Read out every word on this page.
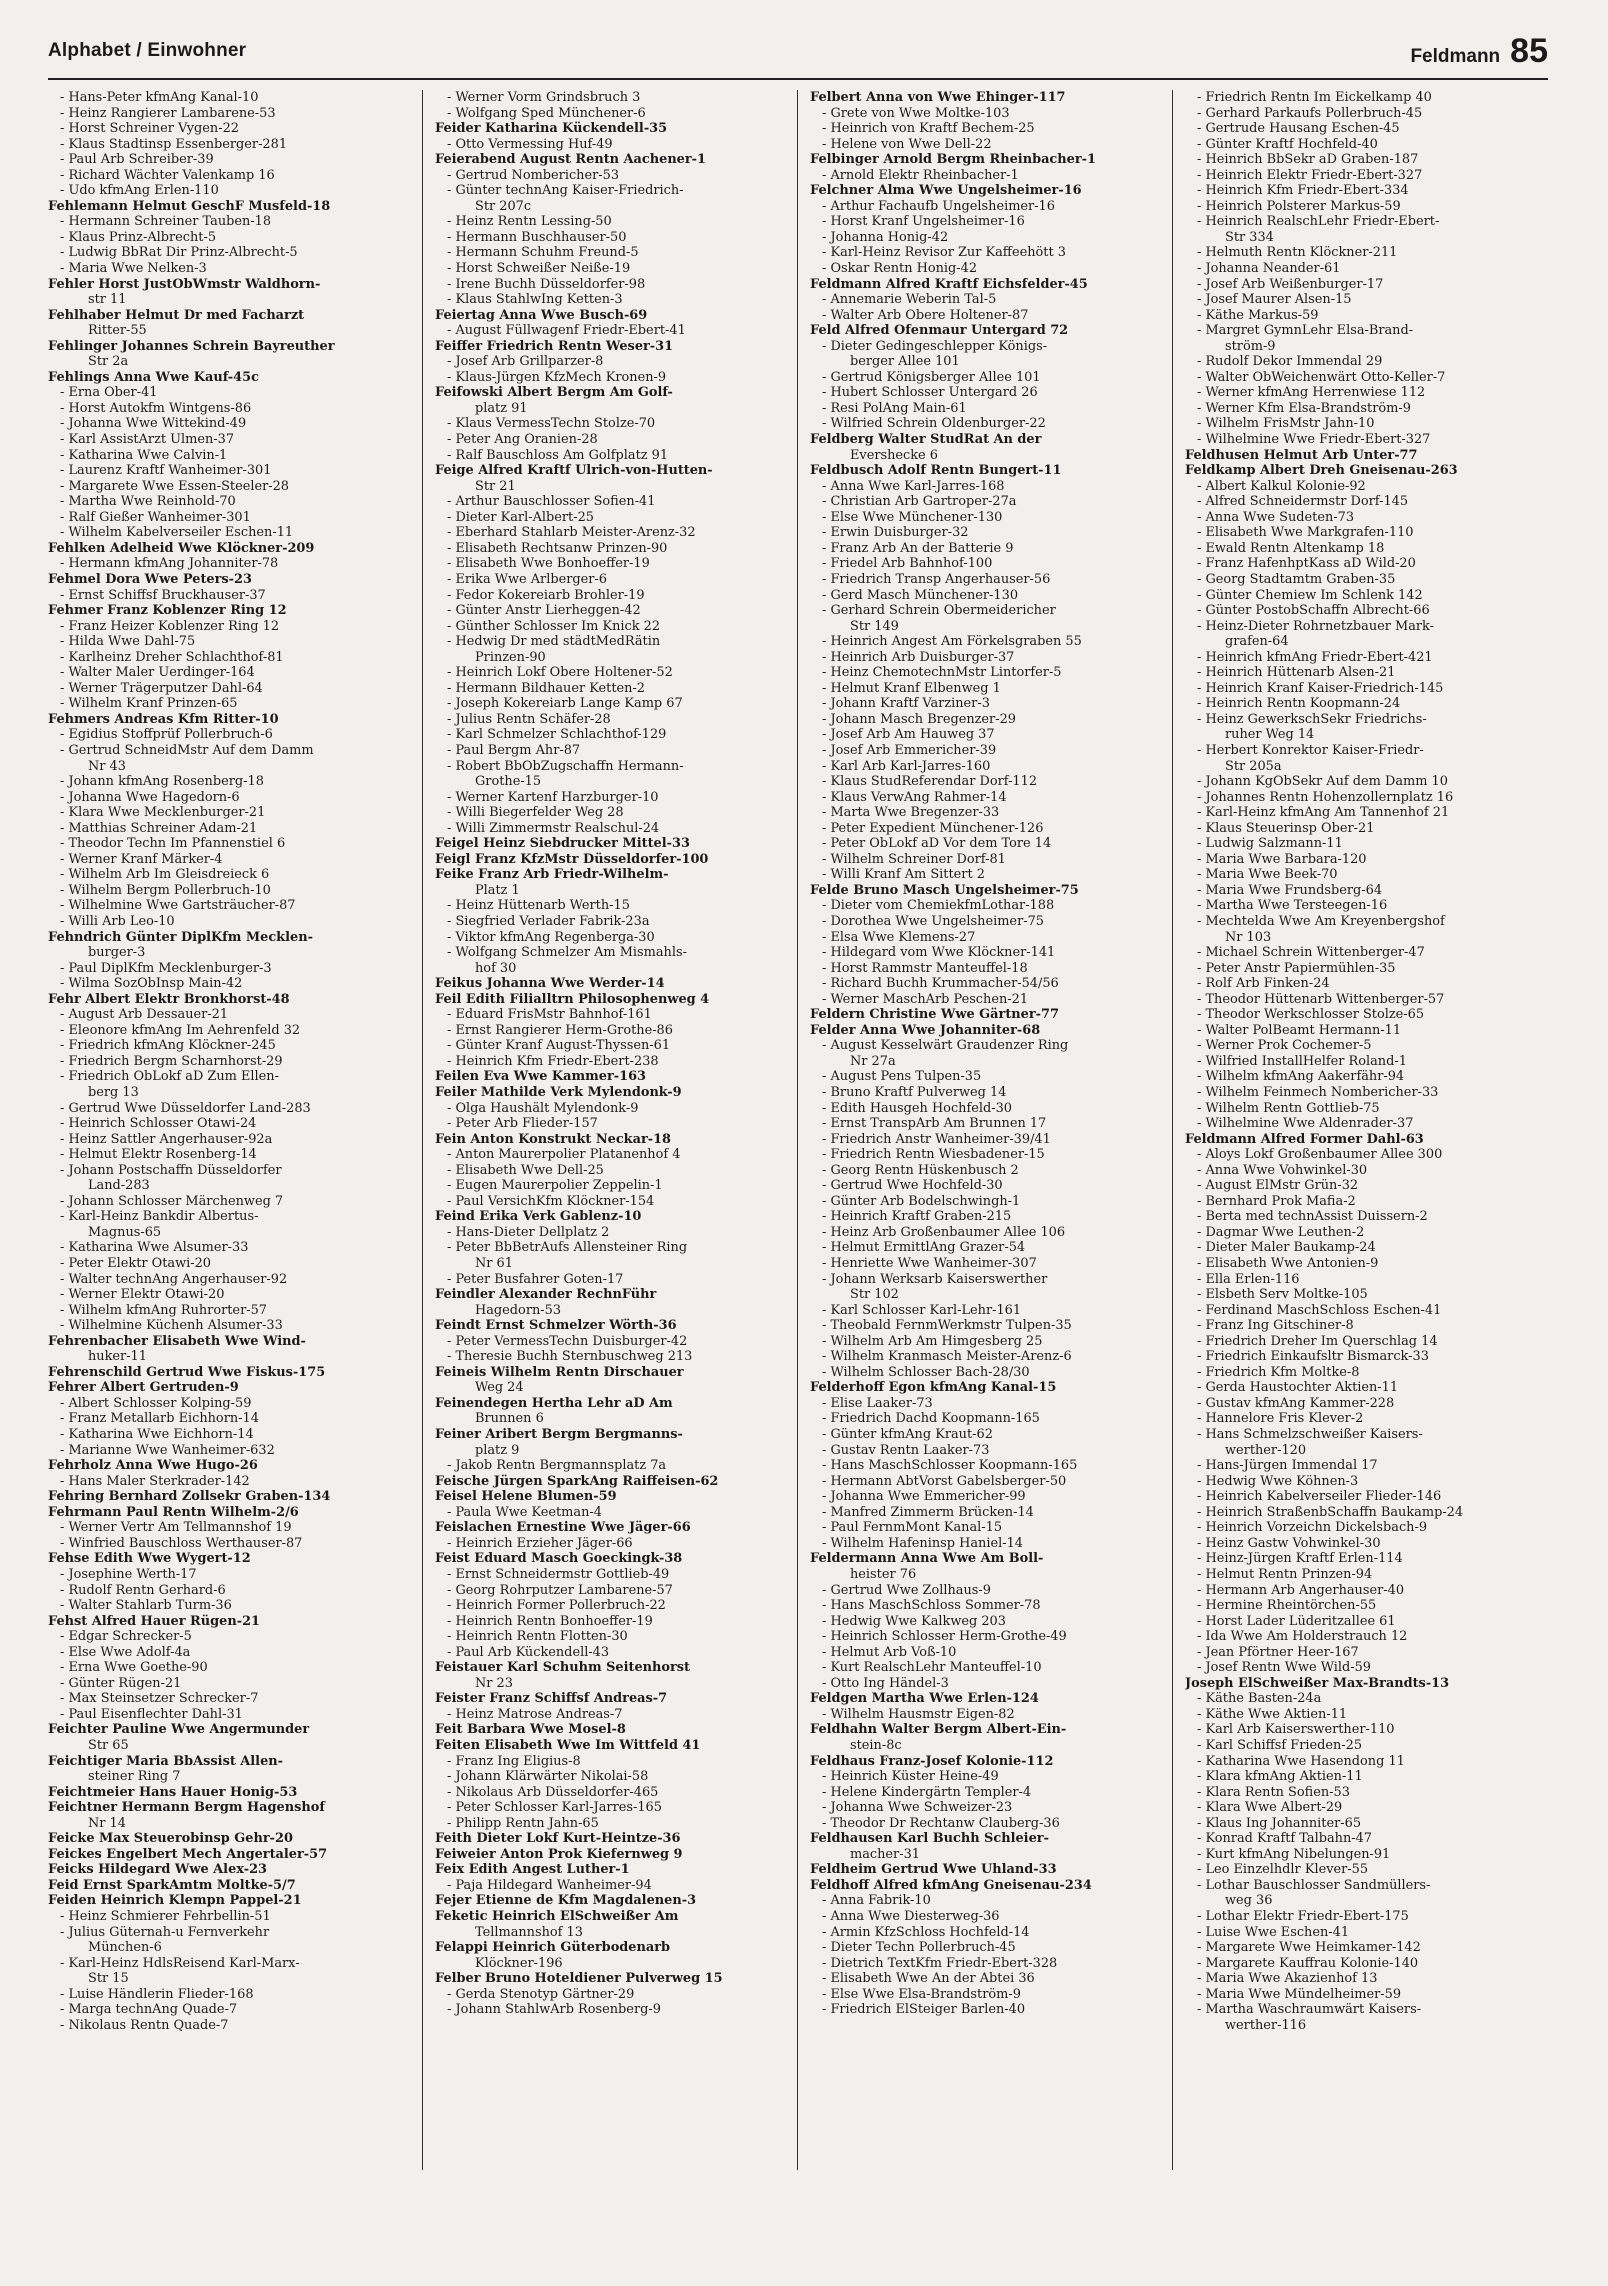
Alphabet / Einwohner	Feldmann 85
- Hans-Peter kfmAng Kanal-10
- Heinz Rangierer Lambarene-53
- Horst Schreiner Vygen-22
- Klaus Stadtinsp Essenberger-281
- Paul Arb Schreiber-39
- Richard Wächter Valenkamp 16
- Udo kfmAng Erlen-110
Fehlemann Helmut GeschF Musfeld-18
- Hermann Schreiner Tauben-18
- Klaus Prinz-Albrecht-5
- Ludwig BbRat Dir Prinz-Albrecht-5
- Maria Wwe Nelken-3
Fehler Horst JustObWmstr Waldhorn-
str 11
Fehlhaber Helmut Dr med Facharzt
Ritter-55
Fehlinger Johannes Schrein Bayreuther
Str 2a
Fehlings Anna Wwe Kauf-45c
- Erna Ober-41
- Horst Autokfm Wintgens-86
- Johanna Wwe Wittekind-49
- Karl AssistArzt Ulmen-37
- Katharina Wwe Calvin-1
- Laurenz Kraftf Wanheimer-301
- Margarete Wwe Essen-Steeler-28
- Martha Wwe Reinhold-70
- Ralf Gießer Wanheimer-301
- Wilhelm Kabelverseiler Eschen-11
Fehlken Adelheid Wwe Klöckner-209
- Hermann kfmAng Johanniter-78
Fehmel Dora Wwe Peters-23
- Ernst Schiffsf Bruckhauser-37
Fehmer Franz Koblenzer Ring 12
- Franz Heizer Koblenzer Ring 12
- Hilda Wwe Dahl-75
- Karlheinz Dreher Schlachthof-81
- Walter Maler Uerdinger-164
- Werner Trägerputzer Dahl-64
- Wilhelm Kranf Prinzen-65
Fehmers Andreas Kfm Ritter-10
- Egidius Stoffprüf Pollerbruch-6
- Gertrud SchneidMstr Auf dem Damm
Nr 43
- Johann kfmAng Rosenberg-18
- Johanna Wwe Hagedorn-6
- Klara Wwe Mecklenburger-21
- Matthias Schreiner Adam-21
- Theodor Techn Im Pfannenstiel 6
- Werner Kranf Märker-4
- Wilhelm Arb Im Gleisdreieck 6
- Wilhelm Bergm Pollerbruch-10
- Wilhelmine Wwe Gartsträucher-87
- Willi Arb Leo-10
Fehndrich Günter DiplKfm Mecklen-
burger-3
- Paul DiplKfm Mecklenburger-3
- Wilma SozObInsp Main-42
Fehr Albert Elektr Bronkhorst-48
- August Arb Dessauer-21
- Eleonore kfmAng Im Aehrenfeld 32
- Friedrich kfmAng Klöckner-245
- Friedrich Bergm Scharnhorst-29
- Friedrich ObLokf aD Zum Ellen-
berg 13
- Gertrud Wwe Düsseldorfer Land-283
- Heinrich Schlosser Otawi-24
- Heinz Sattler Angerhauser-92a
- Helmut Elektr Rosenberg-14
- Johann Postschaffn Düsseldorfer
Land-283
- Johann Schlosser Märchenweg 7
- Karl-Heinz Bankdir Albertus-
Magnus-65
- Katharina Wwe Alsumer-33
- Peter Elektr Otawi-20
- Walter technAng Angerhauser-92
- Werner Elektr Otawi-20
- Wilhelm kfmAng Ruhrorter-57
- Wilhelmine Küchenh Alsumer-33
Fehrenbacher Elisabeth Wwe Wind-
huker-11
Fehrenschild Gertrud Wwe Fiskus-175
Fehrer Albert Gertruden-9
- Albert Schlosser Kolping-59
- Franz Metallarb Eichhorn-14
- Katharina Wwe Eichhorn-14
- Marianne Wwe Wanheimer-632
Fehrholz Anna Wwe Hugo-26
- Hans Maler Sterkrader-142
Fehring Bernhard Zollsekr Graben-134
Fehrmann Paul Rentn Wilhelm-2/6
- Werner Vertr Am Tellmannshof 19
- Winfried Bauschloss Werthauser-87
Fehse Edith Wwe Wygert-12
- Josephine Werth-17
- Rudolf Rentn Gerhard-6
- Walter Stahlarb Turm-36
Fehst Alfred Hauer Rügen-21
- Edgar Schrecker-5
- Else Wwe Adolf-4a
- Erna Wwe Goethe-90
- Günter Rügen-21
- Max Steinsetzer Schrecker-7
- Paul Eisenflechter Dahl-31
Feichter Pauline Wwe Angermunder
Str 65
Feichtiger Maria BbAssist Allen-
steiner Ring 7
Feichtmeier Hans Hauer Honig-53
Feichtner Hermann Bergm Hagenshof
Nr 14
Feicke Max Steuerobinsp Gehr-20
Feickes Engelbert Mech Angertaler-57
Feicks Hildegard Wwe Alex-23
Feid Ernst SparkAmtm Moltke-5/7
Feiden Heinrich Klempn Pappel-21
- Heinz Schmierer Fehrbellin-51
- Julius Güternah-u Fernverkehr
München-6
- Karl-Heinz HdlsReisend Karl-Marx-
Str 15
- Luise Händlerin Flieder-168
- Marga technAng Quade-7
- Nikolaus Rentn Quade-7
- Werner Vorm Grindsbruch 3
- Wolfgang Sped Münchener-6
Feider Katharina Kückendell-35
- Otto Vermessing Huf-49
Feierabend August Rentn Aachener-1
- Gertrud Nombericher-53
- Günter technAng Kaiser-Friedrich-
Str 207c
- Heinz Rentn Lessing-50
- Hermann Buschhauser-50
- Hermann Schuhm Freund-5
- Horst Schweißer Neiße-19
- Irene Buchh Düsseldorfer-98
- Klaus StahlwIng Ketten-3
Feiertag Anna Wwe Busch-69
- August Füllwagenf Friedr-Ebert-41
Feiffer Friedrich Rentn Weser-31
- Josef Arb Grillparzer-8
- Klaus-Jürgen KfzMech Kronen-9
Feifowski Albert Bergm Am Golf-
platz 91
- Klaus VermessTechn Stolze-70
- Peter Ang Oranien-28
- Ralf Bauschloss Am Golfplatz 91
Feige Alfred Kraftf Ulrich-von-Hutten-
Str 21
- Arthur Bauschlosser Sofien-41
- Dieter Karl-Albert-25
- Eberhard Stahlarb Meister-Arenz-32
- Elisabeth Rechtsanw Prinzen-90
- Elisabeth Wwe Bonhoeffer-19
- Erika Wwe Arlberger-6
- Fedor Kokereiarb Brohler-19
- Günter Anstr Lierheggen-42
- Günther Schlosser Im Knick 22
- Hedwig Dr med städtMedRätin
Prinzen-90
- Heinrich Lokf Obere Holtener-52
- Hermann Bildhauer Ketten-2
- Joseph Kokereiarb Lange Kamp 67
- Julius Rentn Schäfer-28
- Karl Schmelzer Schlachthof-129
- Paul Bergm Ahr-87
- Robert BbObZugschaffn Hermann-
Grothe-15
- Werner Kartenf Harzburger-10
- Willi Biegerfelder Weg 28
- Willi Zimmermstr Realschul-24
Feigel Heinz Siebdrucker Mittel-33
Feigl Franz KfzMstr Düsseldorfer-100
Feike Franz Arb Friedr-Wilhelm-
Platz 1
- Heinz Hüttenarb Werth-15
- Siegfried Verlader Fabrik-23a
- Viktor kfmAng Regenberga-30
- Wolfgang Schmelzer Am Mismahls-
hof 30
Feikus Johanna Wwe Werder-14
Feil Edith Filialltrn Philosophenweg 4
- Eduard FrisMstr Bahnhof-161
- Ernst Rangierer Herm-Grothe-86
- Günter Kranf August-Thyssen-61
- Heinrich Kfm Friedr-Ebert-238
Feilen Eva Wwe Kammer-163
Feiler Mathilde Verk Mylendonk-9
- Olga Haushält Mylendonk-9
- Peter Arb Flieder-157
Fein Anton Konstrukt Neckar-18
- Anton Maurerpolier Platanenhof 4
- Elisabeth Wwe Dell-25
- Eugen Maurerpolier Zeppelin-1
- Paul VersichKfm Klöckner-154
Feind Erika Verk Gablenz-10
- Hans-Dieter Dellplatz 2
- Peter BbBetrAufs Allensteiner Ring
Nr 61
- Peter Busfahrer Goten-17
Feindler Alexander RechnFühr
Hagedorn-53
Feindt Ernst Schmelzer Wörth-36
- Peter VermessTechn Duisburger-42
- Theresie Buchh Sternbuschweg 213
Feineis Wilhelm Rentn Dirschauer
Weg 24
Feinendegen Hertha Lehr aD Am
Brunnen 6
Feiner Aribert Bergm Bergmanns-
platz 9
- Jakob Rentn Bergmannsplatz 7a
Feische Jürgen SparkAng Raiffeisen-62
Feisel Helene Blumen-59
- Paula Wwe Keetman-4
Feislachen Ernestine Wwe Jäger-66
- Heinrich Erzieher Jäger-66
Feist Eduard Masch Goeckingk-38
- Ernst Schneidermstr Gottlieb-49
- Georg Rohrputzer Lambarene-57
- Heinrich Former Pollerbruch-22
- Heinrich Rentn Bonhoeffer-19
- Heinrich Rentn Flotten-30
- Paul Arb Kückendell-43
Feistauer Karl Schuhm Seitenhorst
Nr 23
Feister Franz Schiffsf Andreas-7
- Heinz Matrose Andreas-7
Feit Barbara Wwe Mosel-8
Feiten Elisabeth Wwe Im Wittfeld 41
- Franz Ing Eligius-8
- Johann Klärwärter Nikolai-58
- Nikolaus Arb Düsseldorfer-465
- Peter Schlosser Karl-Jarres-165
- Philipp Rentn Jahn-65
Feith Dieter Lokf Kurt-Heintze-36
Feiweier Anton Prok Kiefernweg 9
Feix Edith Angest Luther-1
- Paja Hildegard Wanheimer-94
Fejer Etienne de Kfm Magdalenen-3
Feketic Heinrich ElSchweißer Am
Tellmannshof 13
Felappi Heinrich Güterbodenarb
Klöckner-196
Felber Bruno Hoteldiener Pulverweg 15
- Gerda Stenotyp Gärtner-29
- Johann StahlwArb Rosenberg-9
Felbert Anna von Wwe Ehinger-117
- Grete von Wwe Moltke-103
- Heinrich von Kraftf Bechem-25
- Helene von Wwe Dell-22
Felbinger Arnold Bergm Rheinbacher-1
- Arnold Elektr Rheinbacher-1
Felchner Alma Wwe Ungelsheimer-16
- Arthur Fachaufb Ungelsheimer-16
- Horst Kranf Ungelsheimer-16
- Johanna Honig-42
- Karl-Heinz Revisor Zur Kaffeehött 3
- Oskar Rentn Honig-42
Feldmann Alfred Kraftf Eichsfelder-45
- Annemarie Weberin Tal-5
- Walter Arb Obere Holtener-87
Feld Alfred Ofenmaur Untergard 72
- Dieter Gedingeschlepper Königs-
berger Allee 101
- Gertrud Königsberger Allee 101
- Hubert Schlosser Untergard 26
- Resi PolAng Main-61
- Wilfried Schrein Oldenburger-22
Feldberg Walter StudRat An der
Evershecke 6
Feldbusch Adolf Rentn Bungert-11
- Anna Wwe Karl-Jarres-168
- Christian Arb Gartroper-27a
- Else Wwe Münchener-130
- Erwin Duisburger-32
- Franz Arb An der Batterie 9
- Friedel Arb Bahnhof-100
- Friedrich Transp Angerhauser-56
- Gerd Masch Münchener-130
- Gerhard Schrein Obermeidericher
Str 149
- Heinrich Angest Am Förkelsgraben 55
- Heinrich Arb Duisburger-37
- Heinz ChemotechnMstr Lintorfer-5
- Helmut Kranf Elbenweg 1
- Johann Kraftf Varziner-3
- Johann Masch Bregenzer-29
- Josef Arb Am Hauweg 37
- Josef Arb Emmericher-39
- Karl Arb Karl-Jarres-160
- Klaus StudReferendar Dorf-112
- Klaus VerwAng Rahmer-14
- Marta Wwe Bregenzer-33
- Peter Expedient Münchener-126
- Peter ObLokf aD Vor dem Tore 14
- Wilhelm Schreiner Dorf-81
- Willi Kranf Am Sittert 2
Felde Bruno Masch Ungelsheimer-75
- Dieter vom ChemiekfmLothar-188
- Dorothea Wwe Ungelsheimer-75
- Elsa Wwe Klemens-27
- Hildegard vom Wwe Klöckner-141
- Horst Rammstr Manteuffel-18
- Richard Buchh Krummacher-54/56
- Werner MaschArb Peschen-21
Feldern Christine Wwe Gärtner-77
Felder Anna Wwe Johanniter-68
- August Kesselwärt Graudenzer Ring
Nr 27a
- August Pens Tulpen-35
- Bruno Kraftf Pulverweg 14
- Edith Hausgeh Hochfeld-30
- Ernst TranspArb Am Brunnen 17
- Friedrich Anstr Wanheimer-39/41
- Friedrich Rentn Wiesbadener-15
- Georg Rentn Hüskenbusch 2
- Gertrud Wwe Hochfeld-30
- Günter Arb Bodelschwingh-1
- Heinrich Kraftf Graben-215
- Heinz Arb Großenbaumer Allee 106
- Helmut ErmittlAng Grazer-54
- Henriette Wwe Wanheimer-307
- Johann Werksarb Kaiserswerther
Str 102
- Karl Schlosser Karl-Lehr-161
- Theobald FernmWerkmstr Tulpen-35
- Wilhelm Arb Am Himgesberg 25
- Wilhelm Kranmasch Meister-Arenz-6
- Wilhelm Schlosser Bach-28/30
Felderhoff Egon kfmAng Kanal-15
- Elise Laaker-73
- Friedrich Dachd Koopmann-165
- Günter kfmAng Kraut-62
- Gustav Rentn Laaker-73
- Hans MaschSchlosser Koopmann-165
- Hermann AbtVorst Gabelsberger-50
- Johanna Wwe Emmericher-99
- Manfred Zimmerm Brücken-14
- Paul FernmMont Kanal-15
- Wilhelm Hafeninsp Haniel-14
Feldermann Anna Wwe Am Boll-
heister 76
- Gertrud Wwe Zollhaus-9
- Hans MaschSchloss Sommer-78
- Hedwig Wwe Kalkweg 203
- Heinrich Schlosser Herm-Grothe-49
- Helmut Arb Voß-10
- Kurt RealschLehr Manteuffel-10
- Otto Ing Händel-3
Feldgen Martha Wwe Erlen-124
- Wilhelm Hausmstr Eigen-82
Feldhahn Walter Bergm Albert-Ein-
stein-8c
Feldhaus Franz-Josef Kolonie-112
- Heinrich Küster Heine-49
- Helene Kindergärtn Templer-4
- Johanna Wwe Schweizer-23
- Theodor Dr Rechtanw Clauberg-36
Feldhausen Karl Buchh Schleier-
macher-31
Feldheim Gertrud Wwe Uhland-33
Feldhoff Alfred kfmAng Gneisenau-234
- Anna Fabrik-10
- Anna Wwe Diesterweg-36
- Armin KfzSchloss Hochfeld-14
- Dieter Techn Pollerbruch-45
- Dietrich TextKfm Friedr-Ebert-328
- Elisabeth Wwe An der Abtei 36
- Else Wwe Elsa-Brandström-9
- Friedrich ElSteiger Barlen-40
- Friedrich Rentn Im Eickelkamp 40
- Gerhard Parkaufs Pollerbruch-45
- Gertrude Hausang Eschen-45
- Günter Kraftf Hochfeld-40
- Heinrich BbSekr aD Graben-187
- Heinrich Elektr Friedr-Ebert-327
- Heinrich Kfm Friedr-Ebert-334
- Heinrich Polsterer Markus-59
- Heinrich RealschLehr Friedr-Ebert-
Str 334
- Helmuth Rentn Klöckner-211
- Johanna Neander-61
- Josef Arb Weißenburger-17
- Josef Maurer Alsen-15
- Käthe Markus-59
- Margret GymnLehr Elsa-Brand-
ström-9
- Rudolf Dekor Immendal 29
- Walter ObWeichenwärt Otto-Keller-7
- Werner kfmAng Herrenwiese 112
- Werner Kfm Elsa-Brandström-9
- Wilhelm FrisMstr Jahn-10
- Wilhelmine Wwe Friedr-Ebert-327
Feldhusen Helmut Arb Unter-77
Feldkamp Albert Dreh Gneisenau-263
- Albert Kalkul Kolonie-92
- Alfred Schneidermstr Dorf-145
- Anna Wwe Sudeten-73
- Elisabeth Wwe Markgrafen-110
- Ewald Rentn Altenkamp 18
- Franz HafenhptKass aD Wild-20
- Georg Stadtamtm Graben-35
- Günter Chemiew Im Schlenk 142
- Günter PostobSchaffn Albrecht-66
- Heinz-Dieter Rohrnetzbauer Mark-
grafen-64
- Heinrich kfmAng Friedr-Ebert-421
- Heinrich Hüttenarb Alsen-21
- Heinrich Kranf Kaiser-Friedrich-145
- Heinrich Rentn Koopmann-24
- Heinz GewerkschSekr Friedrichs-
ruher Weg 14
- Herbert Konrektor Kaiser-Friedr-
Str 205a
- Johann KgObSekr Auf dem Damm 10
- Johannes Rentn Hohenzollernplatz 16
- Karl-Heinz kfmAng Am Tannenhof 21
- Klaus Steuerinsp Ober-21
- Ludwig Salzmann-11
- Maria Wwe Barbara-120
- Maria Wwe Beek-70
- Maria Wwe Frundsberg-64
- Martha Wwe Tersteegen-16
- Mechtelda Wwe Am Kreyenbergshof
Nr 103
- Michael Schrein Wittenberger-47
- Peter Anstr Papiermühlen-35
- Rolf Arb Finken-24
- Theodor Hüttenarb Wittenberger-57
- Theodor Werkschlosser Stolze-65
- Walter PolBeamt Hermann-11
- Werner Prok Cochemer-5
- Wilfried InstallHelfer Roland-1
- Wilhelm kfmAng Aakerfähr-94
- Wilhelm Feinmech Nombericher-33
- Wilhelm Rentn Gottlieb-75
- Wilhelmine Wwe Aldenrader-37
Feldmann Alfred Former Dahl-63
- Aloys Lokf Großenbaumer Allee 300
- Anna Wwe Vohwinkel-30
- August ElMstr Grün-32
- Bernhard Prok Mafia-2
- Berta med technAssist Duissern-2
- Dagmar Wwe Leuthen-2
- Dieter Maler Baukamp-24
- Elisabeth Wwe Antonien-9
- Ella Erlen-116
- Elsbeth Serv Moltke-105
- Ferdinand MaschSchloss Eschen-41
- Franz Ing Gitschiner-8
- Friedrich Dreher Im Querschlag 14
- Friedrich Einkaufsltr Bismarck-33
- Friedrich Kfm Moltke-8
- Gerda Haustochter Aktien-11
- Gustav kfmAng Kammer-228
- Hannelore Fris Klever-2
- Hans Schmelzschweißer Kaisers-
werther-120
- Hans-Jürgen Immendal 17
- Hedwig Wwe Köhnen-3
- Heinrich Kabelverseiler Flieder-146
- Heinrich StraßenbSchaffn Baukamp-24
- Heinrich Vorzeichn Dickelsbach-9
- Heinz Gastw Vohwinkel-30
- Heinz-Jürgen Kraftf Erlen-114
- Helmut Rentn Prinzen-94
- Hermann Arb Angerhauser-40
- Hermine Rheintörchen-55
- Horst Lader Lüderitzallee 61
- Ida Wwe Am Holderstrauch 12
- Jean Pförtner Heer-167
- Josef Rentn Wwe Wild-59
Joseph ElSchweißer Max-Brandts-13
- Käthe Basten-24a
- Käthe Wwe Aktien-11
- Karl Arb Kaiserswerther-110
- Karl Schiffsf Frieden-25
- Katharina Wwe Hasendong 11
- Klara kfmAng Aktien-11
- Klara Rentn Sofien-53
- Klara Wwe Albert-29
- Klaus Ing Johanniter-65
- Konrad Kraftf Talbahn-47
- Kurt kfmAng Nibelungen-91
- Leo Einzelhdlr Klever-55
- Lothar Bauschlosser Sandmüllers-
weg 36
- Lothar Elektr Friedr-Ebert-175
- Luise Wwe Eschen-41
- Margarete Wwe Heimkamer-142
- Margarete Kauffrau Kolonie-140
- Maria Wwe Akazienhof 13
- Maria Wwe Mündelheimer-59
- Martha Waschraumwärt Kaisers-
werther-116
